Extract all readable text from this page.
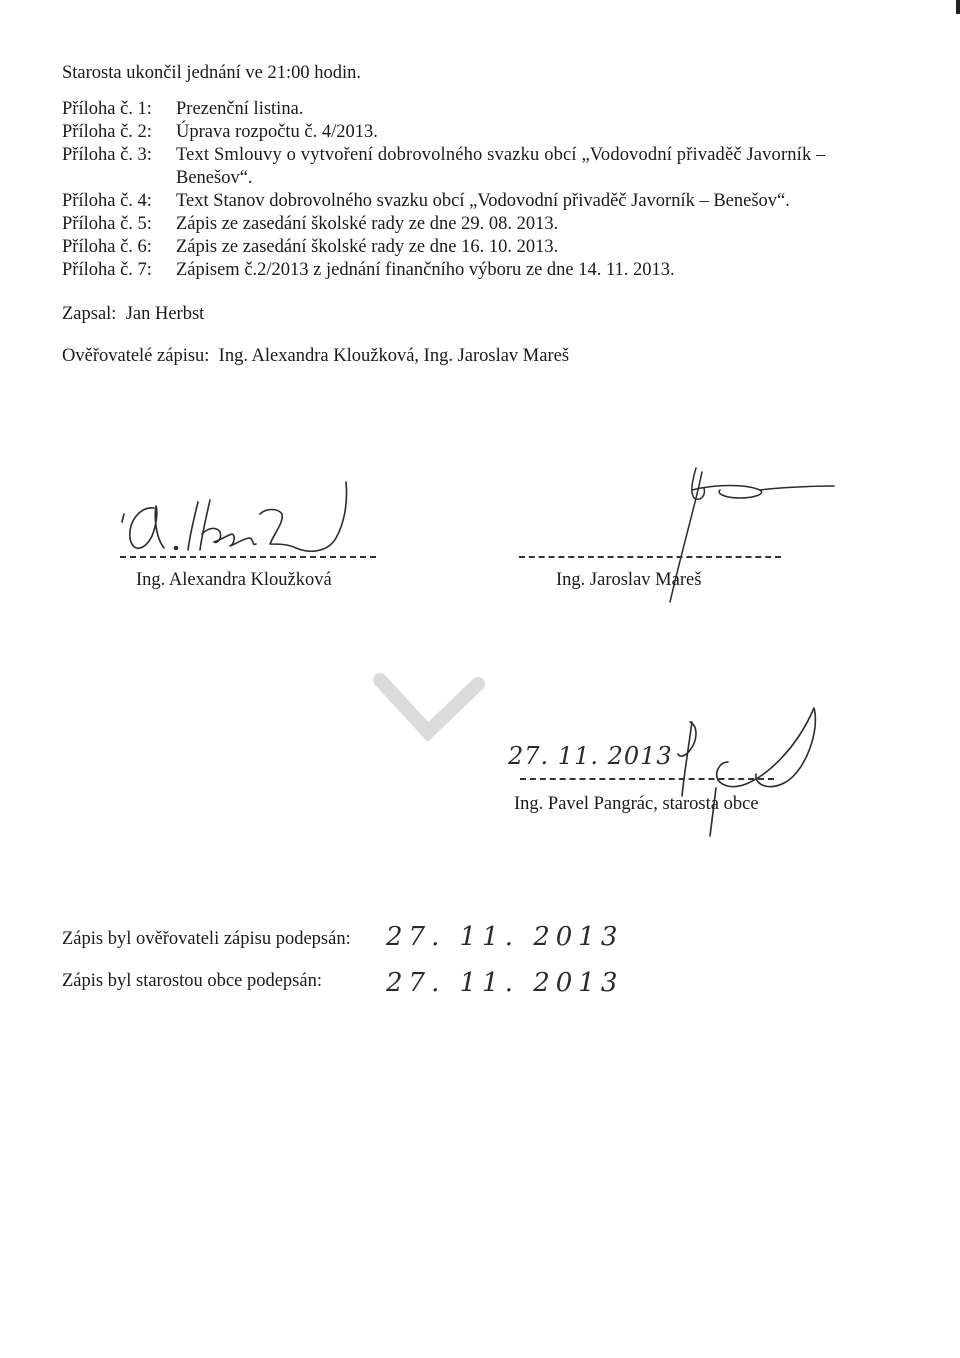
Starosta ukončil jednání ve 21:00 hodin.
Příloha č. 1: Prezenční listina.
Příloha č. 2: Úprava rozpočtu č. 4/2013.
Příloha č. 3: Text Smlouvy o vytvoření dobrovolného svazku obcí „Vodovodní přivaděč Javorník –
Benešov“.
Příloha č. 4: Text Stanov dobrovolného svazku obcí „Vodovodní přivaděč Javorník – Benešov“.
Příloha č. 5: Zápis ze zasedání školské rady ze dne 29. 08. 2013.
Příloha č. 6: Zápis ze zasedání školské rady ze dne 16. 10. 2013.
Příloha č. 7: Zápisem č.2/2013 z jednání finančního výboru ze dne 14. 11. 2013.
Zapsal:  Jan Herbst
Ověřovatelé zápisu:  Ing. Alexandra Kloužková, Ing. Jaroslav Mareš
Ing. Alexandra Kloužková	Ing. Jaroslav Mareš
27. 11. 2013
Ing. Pavel Pangrác, starosta obce
Zápis byl ověřovateli zápisu podepsán: 27. 11. 2013
Zápis byl starostou obce podepsán: 27. 11. 2013
